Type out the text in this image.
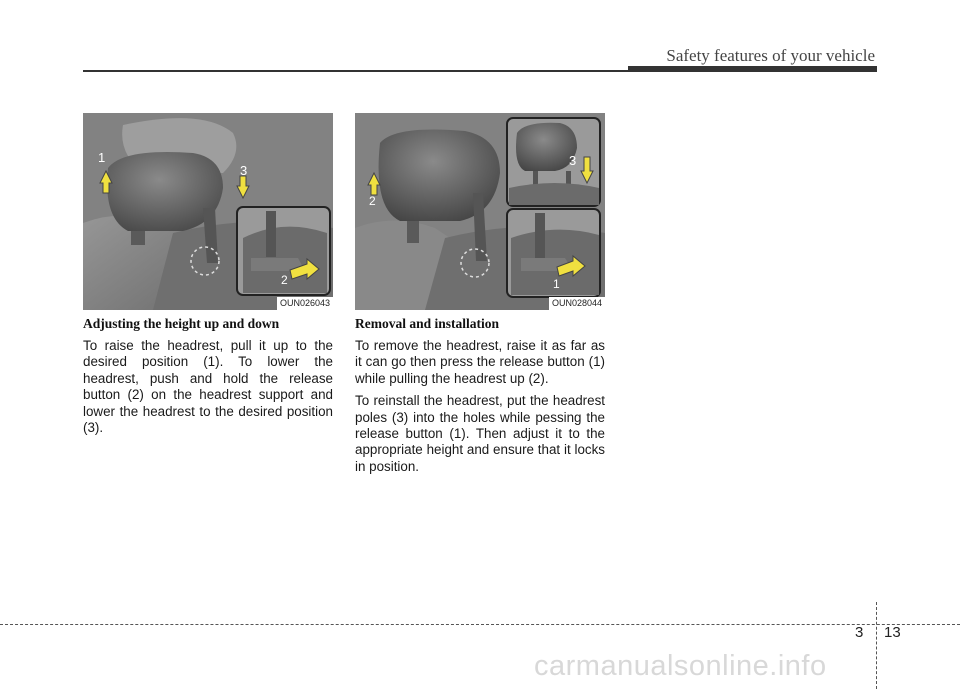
Safety features of your vehicle
1
3
2
OUN026043
2
3
1
OUN028044
Adjusting the height up and down

To raise the headrest, pull it up to the desired position (1). To lower the headrest, push and hold the release button (2) on the headrest support and lower the headrest to the desired position (3).

Removal and installation

To remove the headrest, raise it as far as it can go then press the release button (1) while pulling the headrest up (2).

To reinstall the headrest, put the headrest poles (3) into the holes while pessing the release button (1). Then adjust it to the appropriate height and ensure that it locks in position.

3 13
carmanualsonline.info
